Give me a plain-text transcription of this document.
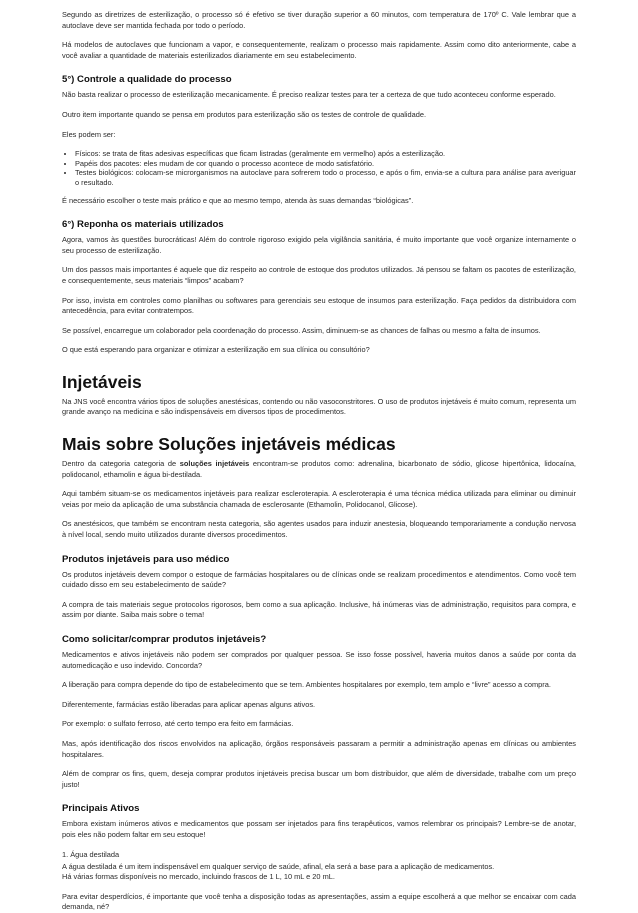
Segundo as diretrizes de esterilização, o processo só é efetivo se tiver duração superior a 60 minutos, com temperatura de 170º C. Vale lembrar que a autoclave deve ser mantida fechada por todo o período.

Há modelos de autoclaves que funcionam a vapor, e consequentemente, realizam o processo mais rapidamente. Assim como dito anteriormente, cabe a você avaliar a quantidade de materiais esterilizados diariamente em seu estabelecimento.

5°) Controle a qualidade do processo

Não basta realizar o processo de esterilização mecanicamente. É preciso realizar testes para ter a certeza de que tudo aconteceu conforme esperado.

Outro item importante quando se pensa em produtos para esterilização são os testes de controle de qualidade.

Eles podem ser:

• Físicos: se trata de fitas adesivas específicas que ficam listradas (geralmente em vermelho) após a esterilização.
• Papéis dos pacotes: eles mudam de cor quando o processo acontece de modo satisfatório.
• Testes biológicos: colocam-se microrganismos na autoclave para sofrerem todo o processo, e após o fim, envia-se a cultura para análise para averiguar o resultado.

É necessário escolher o teste mais prático e que ao mesmo tempo, atenda às suas demandas “biológicas”.

6°) Reponha os materiais utilizados

Agora, vamos às questões burocráticas! Além do controle rigoroso exigido pela vigilância sanitária, é muito importante que você organize internamente o seu processo de esterilização.

Um dos passos mais importantes é aquele que diz respeito ao controle de estoque dos produtos utilizados. Já pensou se faltam os pacotes de esterilização, e consequentemente, seus materiais “limpos” acabam?

Por isso, invista em controles como planilhas ou softwares para gerenciais seu estoque de insumos para esterilização. Faça pedidos da distribuidora com antecedência, para evitar contratempos.

Se possível, encarregue um colaborador pela coordenação do processo. Assim, diminuem-se as chances de falhas ou mesmo a falta de insumos.

O que está esperando para organizar e otimizar a esterilização em sua clínica ou consultório?

Injetáveis

Na JNS você encontra vários tipos de soluções anestésicas, contendo ou não vasoconstritores. O uso de produtos injetáveis é muito comum, representa um grande avanço na medicina e são indispensáveis em diversos tipos de procedimentos.

Mais sobre Soluções injetáveis médicas

Dentro da categoria categoria de soluções injetáveis encontram-se produtos como: adrenalina, bicarbonato de sódio, glicose hipertônica, lidocaína, polidocanol, ethamolin e água bi-destilada.

Aqui também situam-se os medicamentos injetáveis para realizar escleroterapia. A escleroterapia é uma técnica médica utilizada para eliminar ou diminuir veias por meio da aplicação de uma substância chamada de esclerosante (Ethamolin, Polidocanol, Glicose).

Os anestésicos, que também se encontram nesta categoria, são agentes usados para induzir anestesia, bloqueando temporariamente a condução nervosa à nível local, sendo muito utilizados durante diversos procedimentos.

Produtos injetáveis para uso médico

Os produtos injetáveis devem compor o estoque de farmácias hospitalares ou de clínicas onde se realizam procedimentos e atendimentos. Como você tem cuidado disso em seu estabelecimento de saúde?

A compra de tais materiais segue protocolos rigorosos, bem como a sua aplicação. Inclusive, há inúmeras vias de administração, requisitos para compra, e assim por diante. Saiba mais sobre o tema!

Como solicitar/comprar produtos injetáveis?

Medicamentos e ativos injetáveis não podem ser comprados por qualquer pessoa. Se isso fosse possível, haveria muitos danos a saúde por conta da automedicação e uso indevido. Concorda?

A liberação para compra depende do tipo de estabelecimento que se tem. Ambientes hospitalares por exemplo, tem amplo e “livre” acesso a compra.

Diferentemente, farmácias estão liberadas para aplicar apenas alguns ativos.

Por exemplo: o sulfato ferroso, até certo tempo era feito em farmácias.

Mas, após identificação dos riscos envolvidos na aplicação, órgãos responsáveis passaram a permitir a administração apenas em clínicas ou ambientes hospitalares.

Além de comprar os fins, quem, deseja comprar produtos injetáveis precisa buscar um bom distribuidor, que além de diversidade, trabalhe com um preço justo!

Principais Ativos

Embora existam inúmeros ativos e medicamentos que possam ser injetados para fins terapêuticos, vamos relembrar os principais? Lembre-se de anotar, pois eles não podem faltar em seu estoque!

1. Água destilada

A água destilada é um item indispensável em qualquer serviço de saúde, afinal, ela será a base para a aplicação de medicamentos.

Há várias formas disponíveis no mercado, incluindo frascos de 1 L, 10 mL e 20 mL.

Para evitar desperdícios, é importante que você tenha a disposição todas as apresentações, assim a equipe escolherá a que melhor se encaixar com cada demanda, né?
